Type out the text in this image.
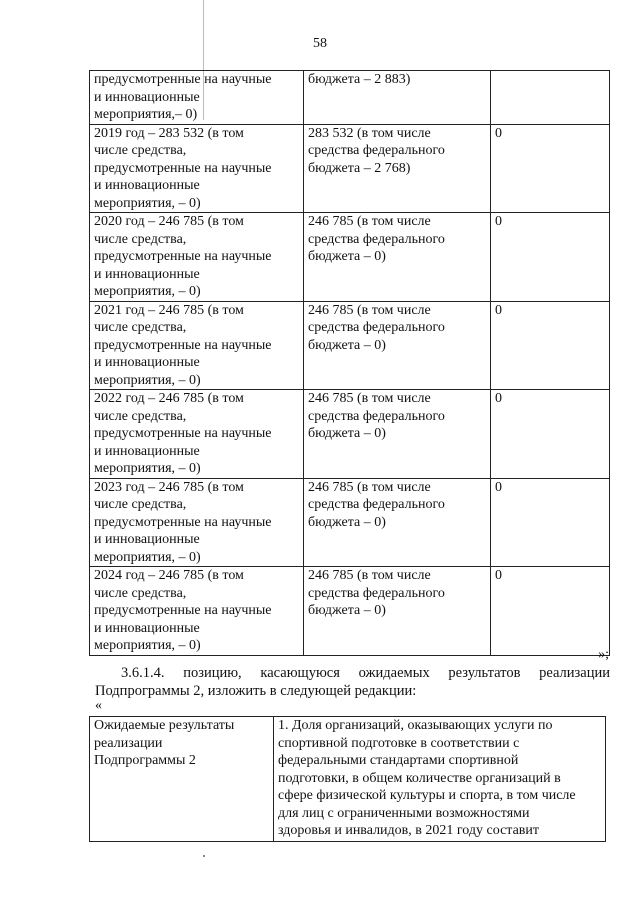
58
предусмотренные на научные
и инновационные
мероприятия,– 0)	бюджета – 2 883)	
2019 год – 283 532 (в том
числе средства,
предусмотренные на научные
и инновационные
мероприятия, – 0)	283 532 (в том числе
средства федерального
бюджета – 2 768)	0
2020 год – 246 785 (в том
числе средства,
предусмотренные на научные
и инновационные
мероприятия, – 0)	246 785 (в том числе
средства федерального
бюджета – 0)	0
2021 год – 246 785 (в том
числе средства,
предусмотренные на научные
и инновационные
мероприятия, – 0)	246 785 (в том числе
средства федерального
бюджета – 0)	0
2022 год – 246 785 (в том
числе средства,
предусмотренные на научные
и инновационные
мероприятия, – 0)	246 785 (в том числе
средства федерального
бюджета – 0)	0
2023 год – 246 785 (в том
числе средства,
предусмотренные на научные
и инновационные
мероприятия, – 0)	246 785 (в том числе
средства федерального
бюджета – 0)	0
2024 год – 246 785 (в том
числе средства,
предусмотренные на научные
и инновационные
мероприятия, – 0)	246 785 (в том числе
средства федерального
бюджета – 0)	0
»;
3.6.1.4. позицию, касающуюся ожидаемых результатов реализации
Подпрограммы 2, изложить в следующей редакции:
«
Ожидаемые результаты
реализации
Подпрограммы 2	1. Доля организаций, оказывающих услуги по
спортивной подготовке в соответствии с
федеральными стандартами спортивной
подготовки, в общем количестве организаций в
сфере физической культуры и спорта, в том числе
для лиц с ограниченными возможностями
здоровья и инвалидов, в 2021 году составит
